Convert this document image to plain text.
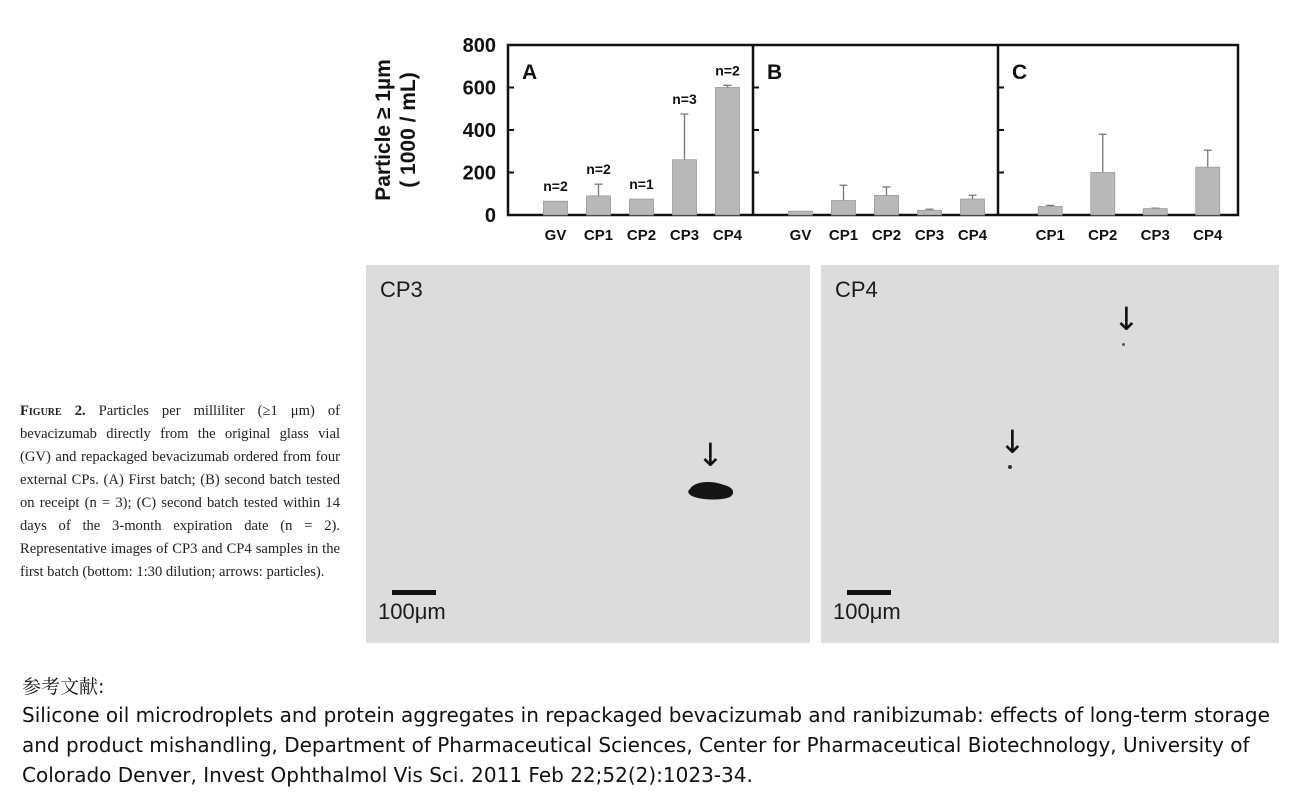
Particle ≥ 1µm ( 1000 / mL)
0
200
400
600
800
A
GV
n=2
CP1
n=2
CP2
n=1
CP3
n=3
CP4
n=2 B
GV CP1 CP2 CP3 CP4
C
CP1 CP2 CP3 CP4
CP3
↓
100μm
CP4
↓
↓
100μm
Figure 2. Particles per milliliter (≥1 μm) of bevacizumab directly from the original glass vial (GV) and repackaged bevacizumab ordered from four external CPs. (A) First batch; (B) second batch tested on receipt (n = 3); (C) second batch tested within 14 days of the 3-month expiration date (n = 2). Representative images of CP3 and CP4 samples in the first batch (bottom: 1:30 dilution; arrows: particles).
参考文献:
Silicone oil microdroplets and protein aggregates in repackaged bevacizumab and ranibizumab: effects of long-term storage and product mishandling, Department of Pharmaceutical Sciences, Center for Pharmaceutical Biotechnology, University of Colorado Denver, Invest Ophthalmol Vis Sci. 2011 Feb 22;52(2):1023-34.
